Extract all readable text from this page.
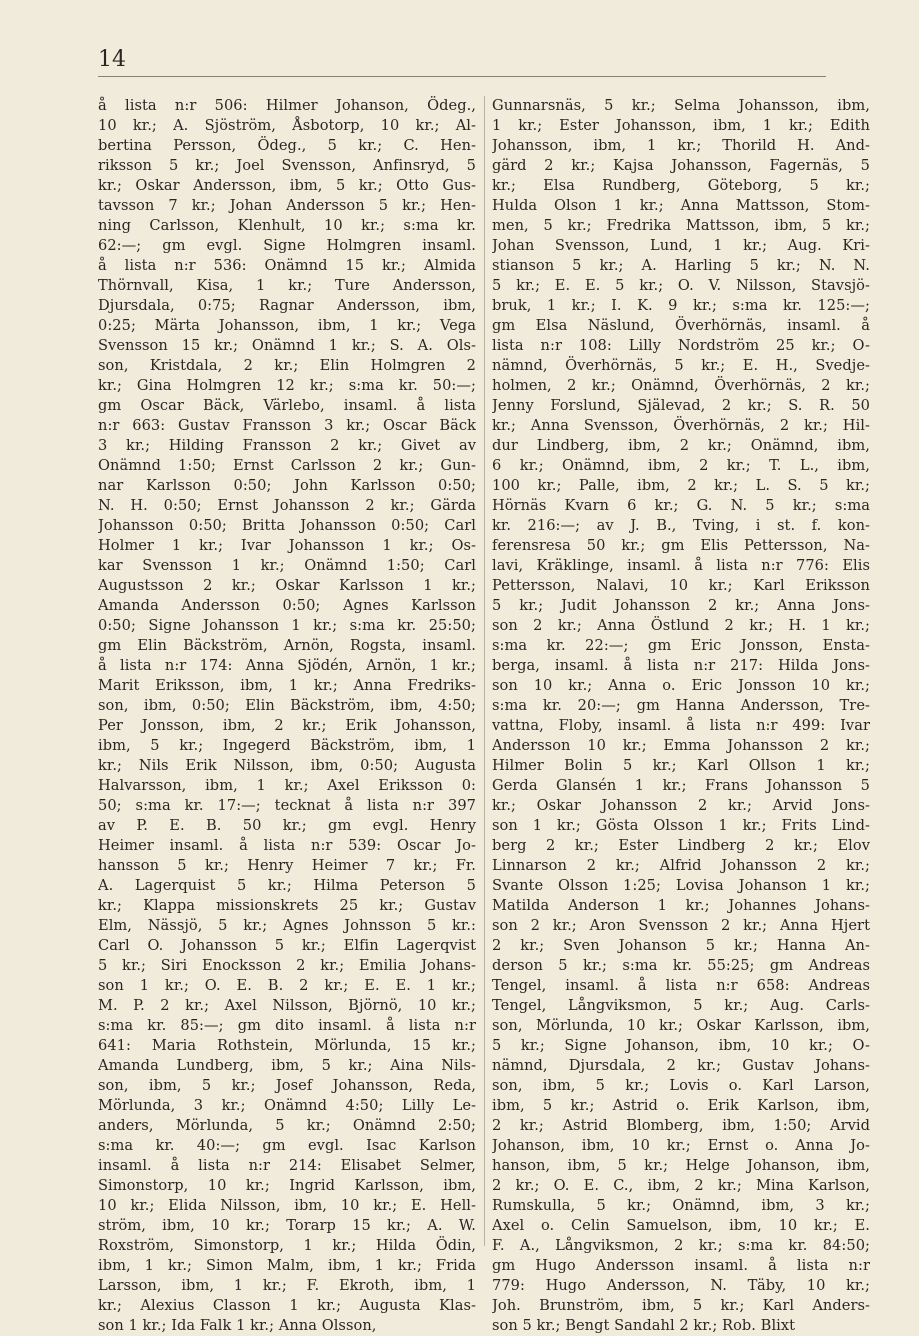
14
å lista n:r 506: Hilmer Johanson, Ödeg.,
10 kr.; A. Sjöström, Åsbotorp, 10 kr.; Al-
bertina Persson, Ödeg., 5 kr.; C. Hen-
riksson 5 kr.; Joel Svensson, Anfinsryd, 5
kr.; Oskar Andersson, ibm, 5 kr.; Otto Gus-
tavsson 7 kr.; Johan Andersson 5 kr.; Hen-
ning Carlsson, Klenhult, 10 kr.; s:ma kr.
62:—; gm evgl. Signe Holmgren insaml.
å lista n:r 536: Onämnd 15 kr.; Almida
Thörnvall, Kisa, 1 kr.; Ture Andersson,
Djursdala, 0:75; Ragnar Andersson, ibm,
0:25; Märta Johansson, ibm, 1 kr.; Vega
Svensson 15 kr.; Onämnd 1 kr.; S. A. Ols-
son, Kristdala, 2 kr.; Elin Holmgren 2
kr.; Gina Holmgren 12 kr.; s:ma kr. 50:—;
gm Oscar Bäck, Värlebo, insaml. å lista
n:r 663: Gustav Fransson 3 kr.; Oscar Bäck
3 kr.; Hilding Fransson 2 kr.; Givet av
Onämnd 1:50; Ernst Carlsson 2 kr.; Gun-
nar Karlsson 0:50; John Karlsson 0:50;
N. H. 0:50; Ernst Johansson 2 kr.; Gärda
Johansson 0:50; Britta Johansson 0:50; Carl
Holmer 1 kr.; Ivar Johansson 1 kr.; Os-
kar Svensson 1 kr.; Onämnd 1:50; Carl
Augustsson 2 kr.; Oskar Karlsson 1 kr.;
Amanda Andersson 0:50; Agnes Karlsson
0:50; Signe Johansson 1 kr.; s:ma kr. 25:50;
gm Elin Bäckström, Arnön, Rogsta, insaml.
å lista n:r 174: Anna Sjödén, Arnön, 1 kr.;
Marit Eriksson, ibm, 1 kr.; Anna Fredriks-
son, ibm, 0:50; Elin Bäckström, ibm, 4:50;
Per Jonsson, ibm, 2 kr.; Erik Johansson,
ibm, 5 kr.; Ingegerd Bäckström, ibm, 1
kr.; Nils Erik Nilsson, ibm, 0:50; Augusta
Halvarsson, ibm, 1 kr.; Axel Eriksson 0:
50; s:ma kr. 17:—; tecknat å lista n:r 397
av P. E. B. 50 kr.; gm evgl. Henry
Heimer insaml. å lista n:r 539: Oscar Jo-
hansson 5 kr.; Henry Heimer 7 kr.; Fr.
A. Lagerquist 5 kr.; Hilma Peterson 5
kr.; Klappa missionskrets 25 kr.; Gustav
Elm, Nässjö, 5 kr.; Agnes Johnsson 5 kr.:
Carl O. Johansson 5 kr.; Elfin Lagerqvist
5 kr.; Siri Enocksson 2 kr.; Emilia Johans-
son 1 kr.; O. E. B. 2 kr.; E. E. 1 kr.;
M. P. 2 kr.; Axel Nilsson, Björnö, 10 kr.;
s:ma kr. 85:—; gm dito insaml. å lista n:r
641: Maria Rothstein, Mörlunda, 15 kr.;
Amanda Lundberg, ibm, 5 kr.; Aina Nils-
son, ibm, 5 kr.; Josef Johansson, Reda,
Mörlunda, 3 kr.; Onämnd 4:50; Lilly Le-
anders, Mörlunda, 5 kr.; Onämnd 2:50;
s:ma kr. 40:—; gm evgl. Isac Karlson
insaml. å lista n:r 214: Elisabet Selmer,
Simonstorp, 10 kr.; Ingrid Karlsson, ibm,
10 kr.; Elida Nilsson, ibm, 10 kr.; E. Hell-
ström, ibm, 10 kr.; Torarp 15 kr.; A. W.
Roxström, Simonstorp, 1 kr.; Hilda Ödin,
ibm, 1 kr.; Simon Malm, ibm, 1 kr.; Frida
Larsson, ibm, 1 kr.; F. Ekroth, ibm, 1
kr.; Alexius Classon 1 kr.; Augusta Klas-
son 1 kr.; Ida Falk 1 kr.; Anna Olsson,
Gunnarsnäs, 5 kr.; Selma Johansson, ibm,
1 kr.; Ester Johansson, ibm, 1 kr.; Edith
Johansson, ibm, 1 kr.; Thorild H. And-
gärd 2 kr.; Kajsa Johansson, Fagernäs, 5
kr.; Elsa Rundberg, Göteborg, 5 kr.;
Hulda Olson 1 kr.; Anna Mattsson, Stom-
men, 5 kr.; Fredrika Mattsson, ibm, 5 kr.;
Johan Svensson, Lund, 1 kr.; Aug. Kri-
stianson 5 kr.; A. Harling 5 kr.; N. N.
5 kr.; E. E. 5 kr.; O. V. Nilsson, Stavsjö-
bruk, 1 kr.; I. K. 9 kr.; s:ma kr. 125:—;
gm Elsa Näslund, Överhörnäs, insaml. å
lista n:r 108: Lilly Nordström 25 kr.; O-
nämnd, Överhörnäs, 5 kr.; E. H., Svedje-
holmen, 2 kr.; Onämnd, Överhörnäs, 2 kr.;
Jenny Forslund, Själevad, 2 kr.; S. R. 50
kr.; Anna Svensson, Överhörnäs, 2 kr.; Hil-
dur Lindberg, ibm, 2 kr.; Onämnd, ibm,
6 kr.; Onämnd, ibm, 2 kr.; T. L., ibm,
100 kr.; Palle, ibm, 2 kr.; L. S. 5 kr.;
Hörnäs Kvarn 6 kr.; G. N. 5 kr.; s:ma
kr. 216:—; av J. B., Tving, i st. f. kon-
ferensresa 50 kr.; gm Elis Pettersson, Na-
lavi, Kräklinge, insaml. å lista n:r 776: Elis
Pettersson, Nalavi, 10 kr.; Karl Eriksson
5 kr.; Judit Johansson 2 kr.; Anna Jons-
son 2 kr.; Anna Östlund 2 kr.; H. 1 kr.;
s:ma kr. 22:—; gm Eric Jonsson, Ensta-
berga, insaml. å lista n:r 217: Hilda Jons-
son 10 kr.; Anna o. Eric Jonsson 10 kr.;
s:ma kr. 20:—; gm Hanna Andersson, Tre-
vattna, Floby, insaml. å lista n:r 499: Ivar
Andersson 10 kr.; Emma Johansson 2 kr.;
Hilmer Bolin 5 kr.; Karl Ollson 1 kr.;
Gerda Glansén 1 kr.; Frans Johansson 5
kr.; Oskar Johansson 2 kr.; Arvid Jons-
son 1 kr.; Gösta Olsson 1 kr.; Frits Lind-
berg 2 kr.; Ester Lindberg 2 kr.; Elov
Linnarson 2 kr.; Alfrid Johansson 2 kr.;
Svante Olsson 1:25; Lovisa Johanson 1 kr.;
Matilda Anderson 1 kr.; Johannes Johans-
son 2 kr.; Aron Svensson 2 kr.; Anna Hjert
2 kr.; Sven Johanson 5 kr.; Hanna An-
derson 5 kr.; s:ma kr. 55:25; gm Andreas
Tengel, insaml. å lista n:r 658: Andreas
Tengel, Långviksmon, 5 kr.; Aug. Carls-
son, Mörlunda, 10 kr.; Oskar Karlsson, ibm,
5 kr.; Signe Johanson, ibm, 10 kr.; O-
nämnd, Djursdala, 2 kr.; Gustav Johans-
son, ibm, 5 kr.; Lovis o. Karl Larson,
ibm, 5 kr.; Astrid o. Erik Karlson, ibm,
2 kr.; Astrid Blomberg, ibm, 1:50; Arvid
Johanson, ibm, 10 kr.; Ernst o. Anna Jo-
hanson, ibm, 5 kr.; Helge Johanson, ibm,
2 kr.; O. E. C., ibm, 2 kr.; Mina Karlson,
Rumskulla, 5 kr.; Onämnd, ibm, 3 kr.;
Axel o. Celin Samuelson, ibm, 10 kr.; E.
F. A., Långviksmon, 2 kr.; s:ma kr. 84:50;
gm Hugo Andersson insaml. å lista n:r
779: Hugo Andersson, N. Täby, 10 kr.;
Joh. Brunström, ibm, 5 kr.; Karl Anders-
son 5 kr.; Bengt Sandahl 2 kr.; Rob. Blixt
